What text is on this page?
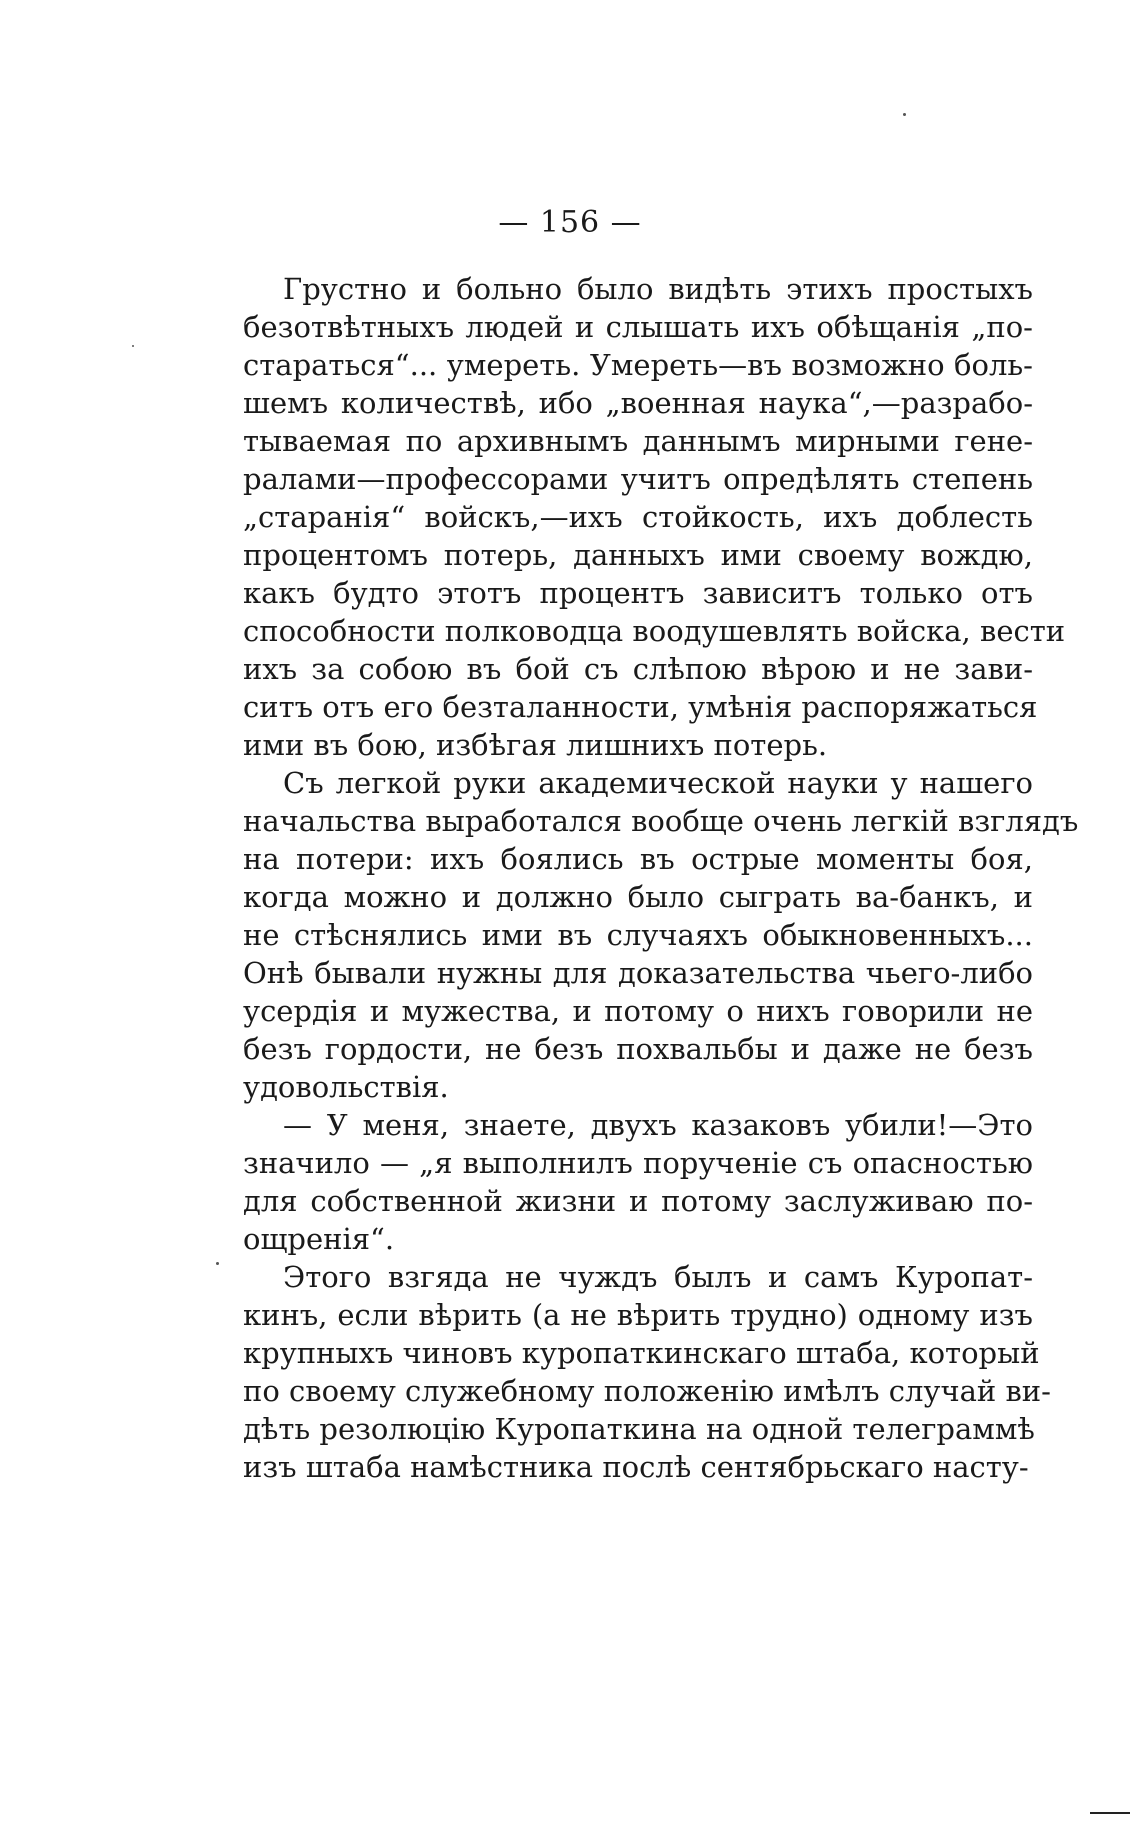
— 156 —
Грустно и больно было видѣть этихъ простыхъ
безотвѣтныхъ людей и слышать ихъ обѣщанія „по-
стараться“... умереть. Умереть—въ возможно боль-
шемъ количествѣ, ибо „военная наука“,—разрабо-
тываемая по архивнымъ даннымъ мирными гене-
ралами—профессорами учитъ опредѣлять степень
„старанія“ войскъ,—ихъ стойкость, ихъ доблесть
процентомъ потерь, данныхъ ими своему вождю,
какъ будто этотъ процентъ зависитъ только отъ
способности полководца воодушевлять войска, вести
ихъ за собою въ бой съ слѣпою вѣрою и не зави-
ситъ отъ его безталанности, умѣнія распоряжаться
ими въ бою, избѣгая лишнихъ потерь.
Съ легкой руки академической науки у нашего
начальства выработался вообще очень легкій взглядъ
на потери: ихъ боялись въ острые моменты боя,
когда можно и должно было сыграть ва-банкъ, и
не стѣснялись ими въ случаяхъ обыкновенныхъ...
Онѣ бывали нужны для доказательства чьего-либо
усердія и мужества, и потому о нихъ говорили не
безъ гордости, не безъ похвальбы и даже не безъ
удовольствія.
— У меня, знаете, двухъ казаковъ убили!—Это
значило — „я выполнилъ порученіе съ опасностью
для собственной жизни и потому заслуживаю по-
ощренія“.
Этого взгяда не чуждъ былъ и самъ Куропат-
кинъ, если вѣрить (а не вѣрить трудно) одному изъ
крупныхъ чиновъ куропаткинскаго штаба, который
по своему служебному положенію имѣлъ случай ви-
дѣть резолюцію Куропаткина на одной телеграммѣ
изъ штаба намѣстника послѣ сентябрьскаго насту-
